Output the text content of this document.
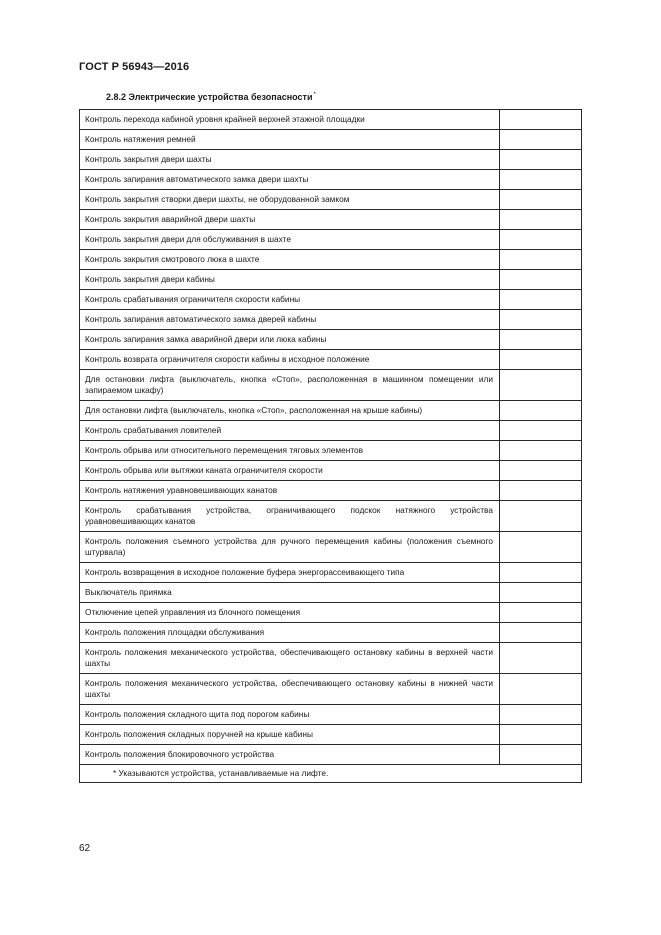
ГОСТ Р 56943—2016
2.8.2 Электрические устройства безопасности*
Контроль перехода кабиной уровня крайней верхней этажной площадки	
Контроль натяжения ремней	
Контроль закрытия двери шахты	
Контроль запирания автоматического замка двери шахты	
Контроль закрытия створки двери шахты, не оборудованной замком	
Контроль закрытия аварийной двери шахты	
Контроль закрытия двери для обслуживания в шахте	
Контроль закрытия смотрового люка в шахте	
Контроль закрытия двери кабины	
Контроль срабатывания ограничителя скорости кабины	
Контроль запирания автоматического замка дверей кабины	
Контроль запирания замка аварийной двери или люка кабины	
Контроль возврата ограничителя скорости кабины в исходное положение	
Для остановки лифта (выключатель, кнопка «Стоп», расположенная в машинном помещении или запираемом шкафу)	
Для остановки лифта (выключатель, кнопка «Стоп», расположенная на крыше кабины)	
Контроль срабатывания ловителей	
Контроль обрыва или относительного перемещения тяговых элементов	
Контроль обрыва или вытяжки каната ограничителя скорости	
Контроль натяжения уравновешивающих канатов	
Контроль срабатывания устройства, ограничивающего подскок натяжного устройства уравновешивающих канатов	
Контроль положения съемного устройства для ручного перемещения кабины (положения съемного штурвала)	
Контроль возвращения в исходное положение буфера энергорассеивающего типа	
Выключатель приямка	
Отключение цепей управления из блочного помещения	
Контроль положения площадки обслуживания	
Контроль положения механического устройства, обеспечивающего остановку кабины в верхней части шахты	
Контроль положения механического устройства, обеспечивающего остановку кабины в нижней части шахты	
Контроль положения складного щита под порогом кабины	
Контроль положения складных поручней на крыше кабины	
Контроль положения блокировочного устройства	
* Указываются устройства, устанавливаемые на лифте.	
62
